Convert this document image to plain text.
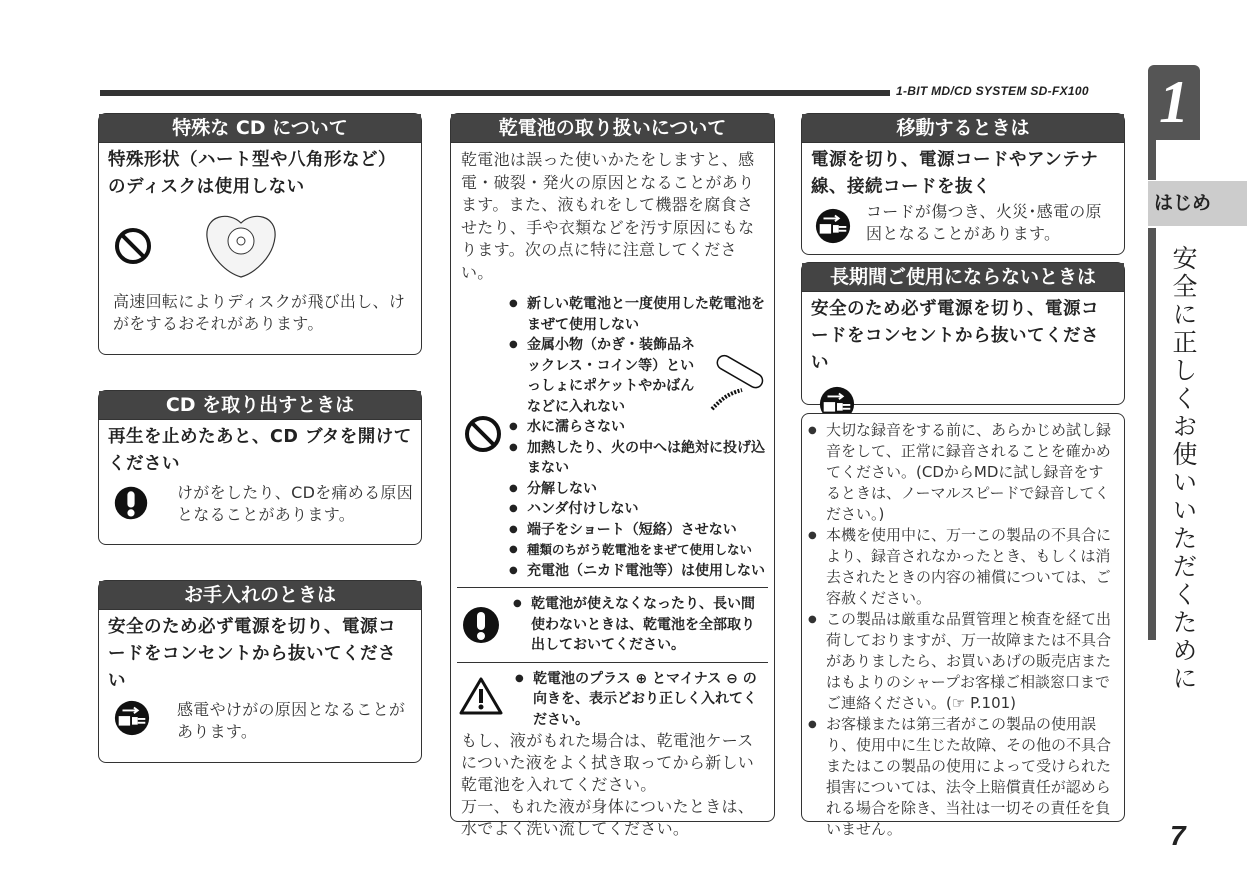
1-BIT MD/CD SYSTEM SD-FX100
特殊な CD について
特殊形状（ハート型や八角形など）のディスクは使用しない
高速回転によりディスクが飛び出し、けがをするおそれがあります。
CD を取り出すときは
再生を止めたあと、CD ブタを開けてください
けがをしたり、CDを痛める原因となることがあります。
お手入れのときは
安全のため必ず電源を切り、電源コードをコンセントから抜いてください
感電やけがの原因となることがあります。
乾電池の取り扱いについて
乾電池は誤った使いかたをしますと、感電・破裂・発火の原因となることがあります。また、液もれをして機器を腐食させたり、手や衣類などを汚す原因にもなります。次の点に特に注意してください。
● 新しい乾電池と一度使用した乾電池をまぜて使用しない
● 金属小物（かぎ・装飾品ネックレス・コイン等）といっしょにポケットやかばんなどに入れない
● 水に濡らさない
● 加熱したり、火の中へは絶対に投げ込まない
● 分解しない
● ハンダ付けしない
● 端子をショート（短絡）させない
● 種類のちがう乾電池をまぜて使用しない
● 充電池（ニカド電池等）は使用しない
● 乾電池が使えなくなったり、長い間使わないときは、乾電池を全部取り出しておいてください。
● 乾電池のプラス ⊕ とマイナス ⊖ の向きを、表示どおり正しく入れてください。
もし、液がもれた場合は、乾電池ケースについた液をよく拭き取ってから新しい乾電池を入れてください。
万一、もれた液が身体についたときは、水でよく洗い流してください。
移動するときは
電源を切り、電源コードやアンテナ線、接続コードを抜く
コードが傷つき、火災･感電の原因となることがあります。
長期間ご使用にならないときは
安全のため必ず電源を切り、電源コードをコンセントから抜いてください
● 大切な録音をする前に、あらかじめ試し録音をして、正常に録音されることを確かめてください。(CDからMDに試し録音をするときは、ノーマルスピードで録音してください。)
● 本機を使用中に、万一この製品の不具合により、録音されなかったとき、もしくは消去されたときの内容の補償については、ご容赦ください。
● この製品は厳重な品質管理と検査を経て出荷しておりますが、万一故障または不具合がありましたら、お買いあげの販売店またはもよりのシャープお客様ご相談窓口までご連絡ください。(☞ P.101)
● お客様または第三者がこの製品の使用誤り、使用中に生じた故障、その他の不具合またはこの製品の使用によって受けられた損害については、法令上賠償責任が認められる場合を除き、当社は一切その責任を負いません。
1
はじめ
安全に正しくお使いいただくために
7
